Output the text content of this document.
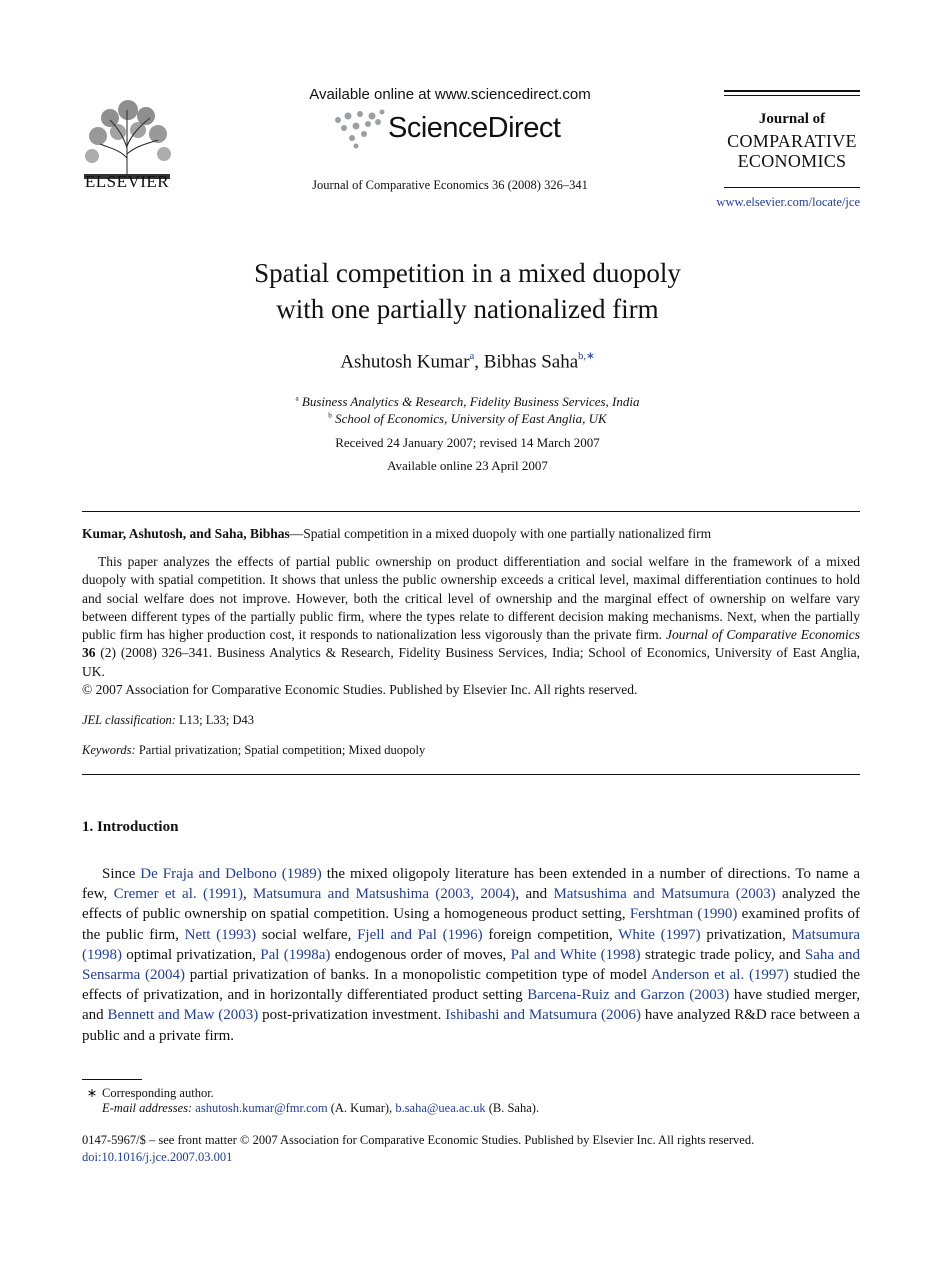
ELSEVIER
Available online at www.sciencedirect.com
ScienceDirect
Journal of Comparative Economics 36 (2008) 326–341
Journal of
COMPARATIVE
ECONOMICS
www.elsevier.com/locate/jce
Spatial competition in a mixed duopoly
with one partially nationalized firm
Ashutosh Kumar$^a$, Bibhas Saha$^{b,∗}$
$^a$ Business Analytics & Research, Fidelity Business Services, India
$^b$ School of Economics, University of East Anglia, UK
Received 24 January 2007; revised 14 March 2007
Available online 23 April 2007
Kumar, Ashutosh, and Saha, Bibhas—Spatial competition in a mixed duopoly with one partially nationalized firm
This paper analyzes the effects of partial public ownership on product differentiation and social welfare in the framework of a mixed duopoly with spatial competition. It shows that unless the public ownership exceeds a critical level, maximal differentiation continues to hold and social welfare does not improve. However, both the critical level of ownership and the marginal effect of ownership on welfare vary between different types of the partially public firm, where the types relate to different decision making mechanisms. Next, when the partially public firm has higher production cost, it responds to nationalization less vigorously than the private firm. Journal of Comparative Economics 36 (2) (2008) 326–341. Business Analytics & Research, Fidelity Business Services, India; School of Economics, University of East Anglia, UK.
© 2007 Association for Comparative Economic Studies. Published by Elsevier Inc. All rights reserved.
JEL classification: L13; L33; D43
Keywords: Partial privatization; Spatial competition; Mixed duopoly
1. Introduction
Since De Fraja and Delbono (1989) the mixed oligopoly literature has been extended in a number of directions. To name a few, Cremer et al. (1991), Matsumura and Matsushima (2003, 2004), and Matsushima and Matsumura (2003) analyzed the effects of public ownership on spatial competition. Using a homogeneous product setting, Fershtman (1990) examined profits of the public firm, Nett (1993) social welfare, Fjell and Pal (1996) foreign competition, White (1997) privatization, Matsumura (1998) optimal privatization, Pal (1998a) endogenous order of moves, Pal and White (1998) strategic trade policy, and Saha and Sensarma (2004) partial privatization of banks. In a monopolistic competition type of model Anderson et al. (1997) studied the effects of privatization, and in horizontally differentiated product setting Barcena-Ruiz and Garzon (2003) have studied merger, and Bennett and Maw (2003) post-privatization investment. Ishibashi and Matsumura (2006) have analyzed R&D race between a public and a private firm.
∗ Corresponding author.
E-mail addresses: ashutosh.kumar@fmr.com (A. Kumar), b.saha@uea.ac.uk (B. Saha).
0147-5967/$ – see front matter © 2007 Association for Comparative Economic Studies. Published by Elsevier Inc. All rights reserved.
doi:10.1016/j.jce.2007.03.001
